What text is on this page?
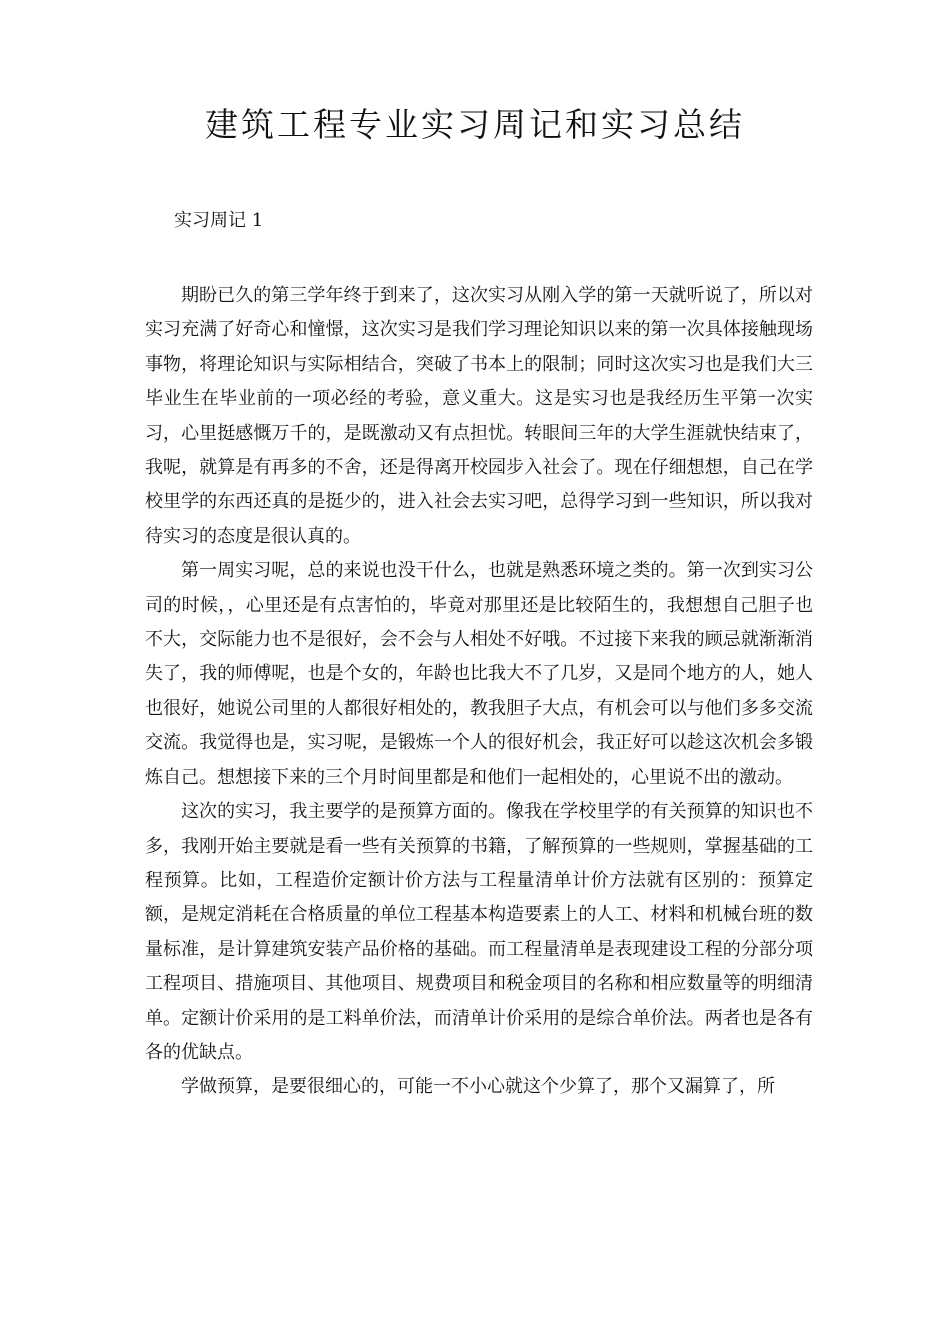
建筑工程专业实习周记和实习总结

实习周记 1

期盼已久的第三学年终于到来了，这次实习从刚入学的第一天就听说了，所以对实习充满了好奇心和憧憬，这次实习是我们学习理论知识以来的第一次具体接触现场事物，将理论知识与实际相结合，突破了书本上的限制；同时这次实习也是我们大三毕业生在毕业前的一项必经的考验，意义重大。这是实习也是我经历生平第一次实习，心里挺感慨万千的，是既激动又有点担忧。转眼间三年的大学生涯就快结束了，我呢，就算是有再多的不舍，还是得离开校园步入社会了。现在仔细想想，自己在学校里学的东西还真的是挺少的，进入社会去实习吧，总得学习到一些知识，所以我对待实习的态度是很认真的。

第一周实习呢，总的来说也没干什么，也就是熟悉环境之类的。第一次到实习公司的时候，，心里还是有点害怕的，毕竟对那里还是比较陌生的，我想想自己胆子也不大，交际能力也不是很好，会不会与人相处不好哦。不过接下来我的顾忌就渐渐消失了，我的师傅呢，也是个女的，年龄也比我大不了几岁，又是同个地方的人，她人也很好，她说公司里的人都很好相处的，教我胆子大点，有机会可以与他们多多交流交流。我觉得也是，实习呢，是锻炼一个人的很好机会，我正好可以趁这次机会多锻炼自己。想想接下来的三个月时间里都是和他们一起相处的，心里说不出的激动。

这次的实习，我主要学的是预算方面的。像我在学校里学的有关预算的知识也不多，我刚开始主要就是看一些有关预算的书籍，了解预算的一些规则，掌握基础的工程预算。比如，工程造价定额计价方法与工程量清单计价方法就有区别的：预算定额，是规定消耗在合格质量的单位工程基本构造要素上的人工、材料和机械台班的数量标准，是计算建筑安装产品价格的基础。而工程量清单是表现建设工程的分部分项工程项目、措施项目、其他项目、规费项目和税金项目的名称和相应数量等的明细清单。定额计价采用的是工料单价法，而清单计价采用的是综合单价法。两者也是各有各的优缺点。

学做预算，是要很细心的，可能一不小心就这个少算了，那个又漏算了，所
